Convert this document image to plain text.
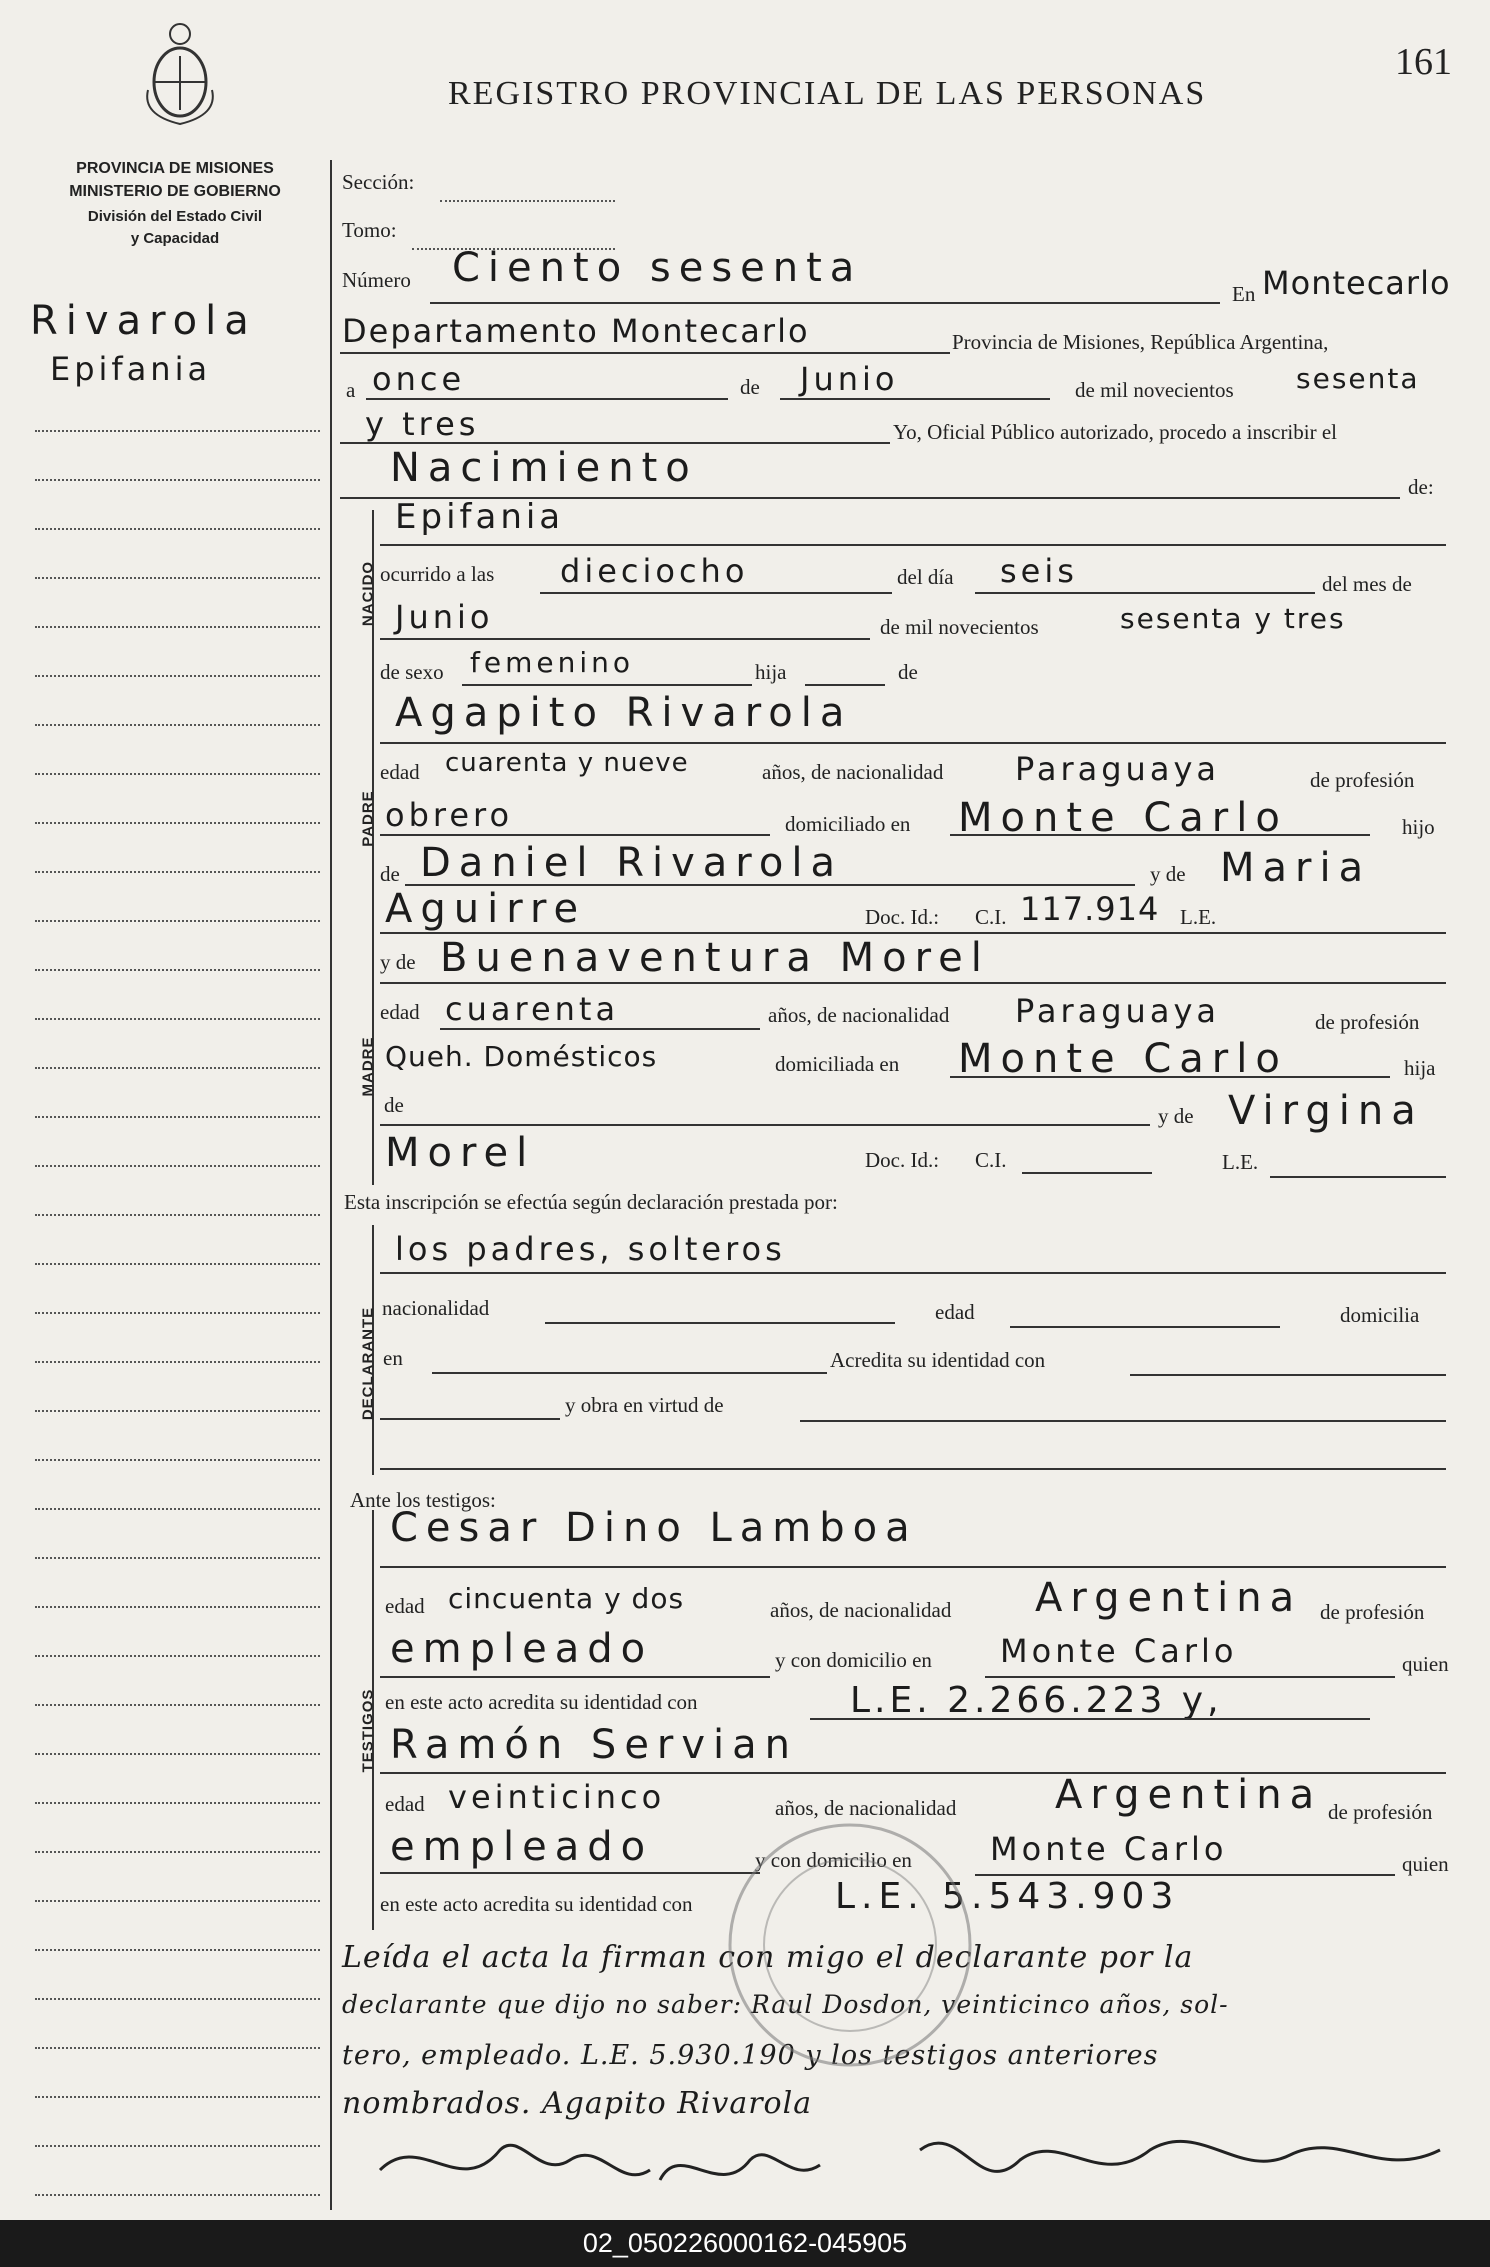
REGISTRO PROVINCIAL DE LAS PERSONAS
161
PROVINCIA DE MISIONES
MINISTERIO DE GOBIERNO
División del Estado Civil
y Capacidad
Rivarola
Epifania
Sección:
Tomo:
Número Ciento sesenta
En Montecarlo
Departamento Montecarlo	Provincia de Misiones, República Argentina,
a once	de Junio	de mil novecientos sesenta
y tres	Yo, Oficial Público autorizado, procedo a inscribir el
Nacimiento	de:
NACIDO
Epifania
ocurrido a las dieciocho	del día seis	del mes de
Junio	de mil novecientos	sesenta y tres
de sexo femenino	hija	de
PADRE
Agapito Rivarola
edad cuarenta y nueve	años, de nacionalidad Paraguaya	de profesión
obrero	domiciliado en Monte Carlo	hijo
de Daniel Rivarola	y de Maria
Aguirre	Doc. Id.: C.I. 117.914 L.E.
MADRE
y de Buenaventura Morel
edad cuarenta	años, de nacionalidad Paraguaya	de profesión
Queh. Domésticos	domiciliada en Monte Carlo	hija
de	y de Virgina
Morel	Doc. Id.: C.I.	L.E.
Esta inscripción se efectúa según declaración prestada por:
DECLARANTE
los padres, solteros
nacionalidad	edad	domicilia
en	Acredita su identidad con
y obra en virtud de
Ante los testigos:
TESTIGOS
Cesar Dino Lamboa
edad cincuenta y dos	años, de nacionalidad Argentina de profesión
empleado	y con domicilio en Monte Carlo	quien
en este acto acredita su identidad con	L.E. 2.266.223 y,
Ramón Servian
edad veinticinco	años, de nacionalidad Argentina de profesión
empleado	y con domicilio en Monte Carlo	quien
en este acto acredita su identidad con	L.E. 5.543.903
Leída el acta la firman con migo el declarante por la
declarante que dijo no saber: Raul Dosdon, veinticinco años, sol-
tero, empleado. L.E. 5.930.190 y los testigos anteriores
nombrados. Agapito Rivarola
02_050226000162-045905
